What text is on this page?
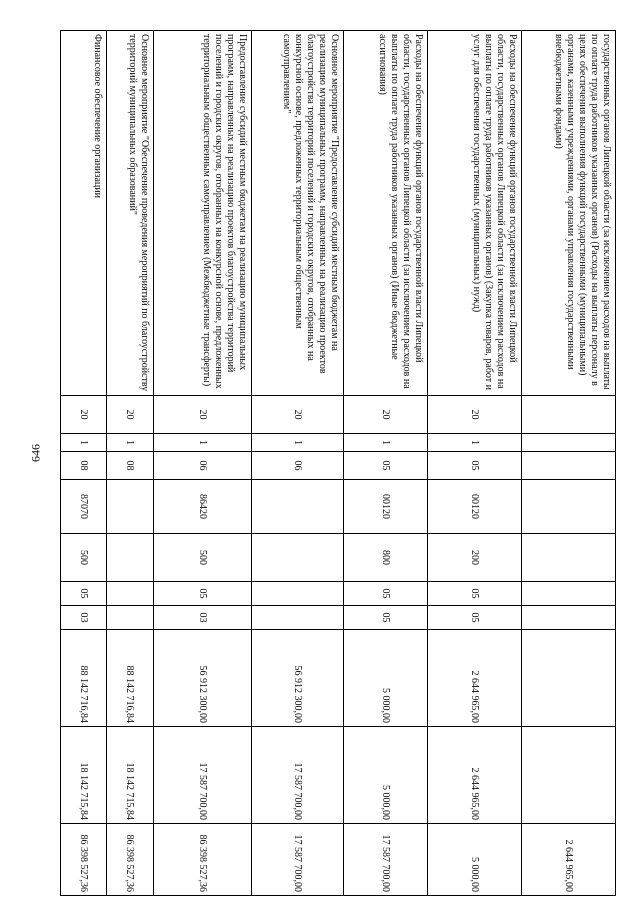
646
государственных органов Липецкой области (за исключением расходов на выплаты по оплате труда работников указанных органов) (Расходы на выплаты персоналу в целях обеспечения выполнения функций государственными (муниципальными) органами, казенными учреждениями, органами управления государственными внебюджетными фондами)										2 644 965,00
Расходы на обеспечение функций органов государственной власти Липецкой области, государственных органов Липецкой области (за исключением расходов на выплаты по оплате труда работников указанных органов) (Закупка товаров, работ и услуг для обеспечения государственных (муниципальных) нужд)	20	1	05	00120	200	05	05	2 644 965,00	2 644 965,00	5 000,00
Расходы на обеспечение функций органов государственной власти Липецкой области, государственных органов Липецкой области (за исключением расходов на выплаты по оплате труда работников указанных органов) (Иные бюджетные ассигнования)	20	1	05	00120	800	05	05	5 000,00	5 000,00	17 587 700,00
Основное мероприятие "Предоставление субсидий местным бюджетам на реализацию муниципальных программ, направленных на реализацию проектов благоустройства территорий поселений и городских округов, отобранных на конкурсной основе, предложенных территориальным общественным самоуправлением"	20	1	06					56 912 300,00	17 587 700,00	17 587 700,00
Предоставление субсидий местным бюджетам на реализацию муниципальных программ, направленных на реализацию проектов благоустройства территорий поселений и городских округов, отобранных на конкурсной основе, предложенных территориальным общественным самоуправлением (Межбюджетные трансферты)	20	1	06	86420	500	05	03	56 912 300,00	17 587 700,00	86 398 527,36
Основное мероприятие "Обеспечение проведения мероприятий по благоустройству территорий муниципальных образований"	20	1	08					88 142 716,84	18 142 715,84	86 398 527,36
Финансовое обеспечение организации	20	1	08	87070	500	05	03	88 142 716,84	18 142 715,84	86 398 527,36
